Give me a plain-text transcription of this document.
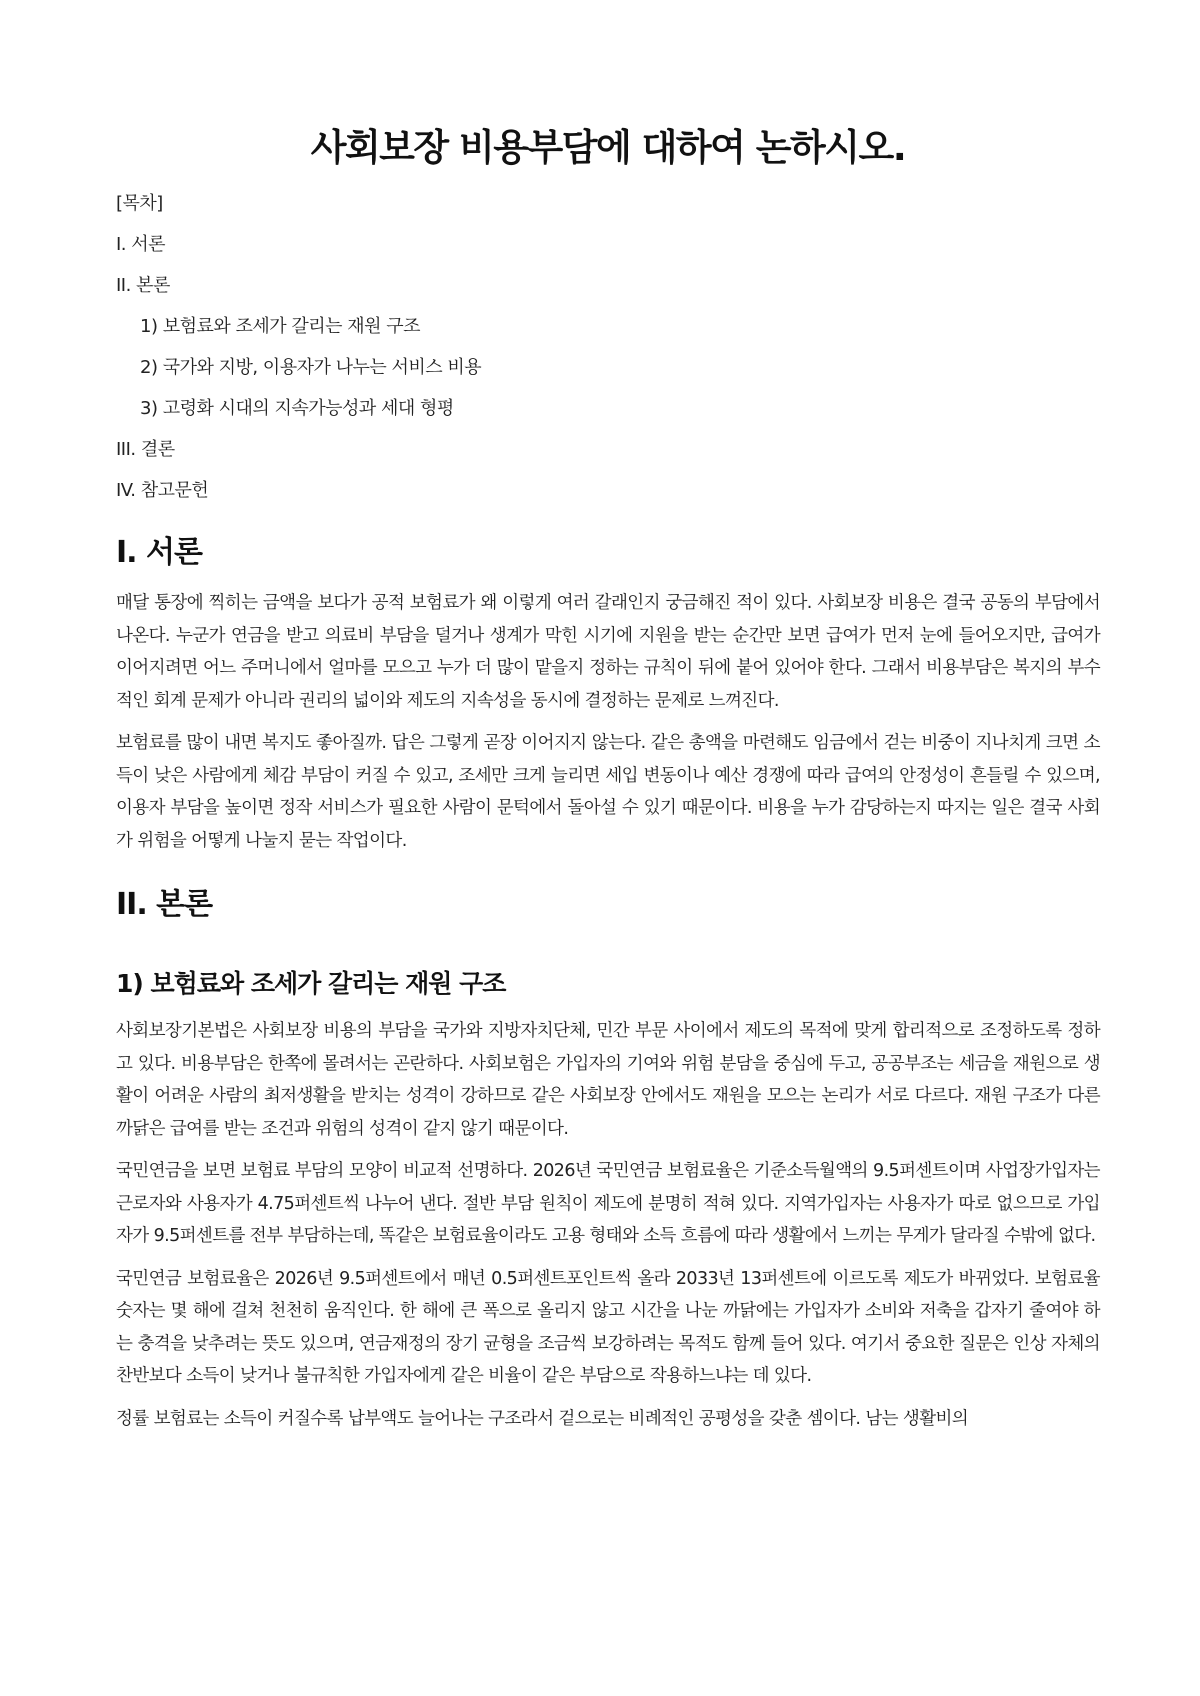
사회보장 비용부담에 대하여 논하시오.
[목차]
I. 서론
II. 본론
1) 보험료와 조세가 갈리는 재원 구조
2) 국가와 지방, 이용자가 나누는 서비스 비용
3) 고령화 시대의 지속가능성과 세대 형평
III. 결론
IV. 참고문헌
I. 서론

매달 통장에 찍히는 금액을 보다가 공적 보험료가 왜 이렇게 여러 갈래인지 궁금해진 적이 있다. 사회보장 비용은 결국 공동의 부담에서 나온다. 누군가 연금을 받고 의료비 부담을 덜거나 생계가 막힌 시기에 지원을 받는 순간만 보면 급여가 먼저 눈에 들어오지만, 급여가 이어지려면 어느 주머니에서 얼마를 모으고 누가 더 많이 맡을지 정하는 규칙이 뒤에 붙어 있어야 한다. 그래서 비용부담은 복지의 부수적인 회계 문제가 아니라 권리의 넓이와 제도의 지속성을 동시에 결정하는 문제로 느껴진다.

보험료를 많이 내면 복지도 좋아질까. 답은 그렇게 곧장 이어지지 않는다. 같은 총액을 마련해도 임금에서 걷는 비중이 지나치게 크면 소득이 낮은 사람에게 체감 부담이 커질 수 있고, 조세만 크게 늘리면 세입 변동이나 예산 경쟁에 따라 급여의 안정성이 흔들릴 수 있으며, 이용자 부담을 높이면 정작 서비스가 필요한 사람이 문턱에서 돌아설 수 있기 때문이다. 비용을 누가 감당하는지 따지는 일은 결국 사회가 위험을 어떻게 나눌지 묻는 작업이다.

II. 본론
1) 보험료와 조세가 갈리는 재원 구조

사회보장기본법은 사회보장 비용의 부담을 국가와 지방자치단체, 민간 부문 사이에서 제도의 목적에 맞게 합리적으로 조정하도록 정하고 있다. 비용부담은 한쪽에 몰려서는 곤란하다. 사회보험은 가입자의 기여와 위험 분담을 중심에 두고, 공공부조는 세금을 재원으로 생활이 어려운 사람의 최저생활을 받치는 성격이 강하므로 같은 사회보장 안에서도 재원을 모으는 논리가 서로 다르다. 재원 구조가 다른 까닭은 급여를 받는 조건과 위험의 성격이 같지 않기 때문이다.

국민연금을 보면 보험료 부담의 모양이 비교적 선명하다. 2026년 국민연금 보험료율은 기준소득월액의 9.5퍼센트이며 사업장가입자는 근로자와 사용자가 4.75퍼센트씩 나누어 낸다. 절반 부담 원칙이 제도에 분명히 적혀 있다. 지역가입자는 사용자가 따로 없으므로 가입자가 9.5퍼센트를 전부 부담하는데, 똑같은 보험료율이라도 고용 형태와 소득 흐름에 따라 생활에서 느끼는 무게가 달라질 수밖에 없다.

국민연금 보험료율은 2026년 9.5퍼센트에서 매년 0.5퍼센트포인트씩 올라 2033년 13퍼센트에 이르도록 제도가 바뀌었다. 보험료율 숫자는 몇 해에 걸쳐 천천히 움직인다. 한 해에 큰 폭으로 올리지 않고 시간을 나눈 까닭에는 가입자가 소비와 저축을 갑자기 줄여야 하는 충격을 낮추려는 뜻도 있으며, 연금재정의 장기 균형을 조금씩 보강하려는 목적도 함께 들어 있다. 여기서 중요한 질문은 인상 자체의 찬반보다 소득이 낮거나 불규칙한 가입자에게 같은 비율이 같은 부담으로 작용하느냐는 데 있다.

정률 보험료는 소득이 커질수록 납부액도 늘어나는 구조라서 겉으로는 비례적인 공평성을 갖춘 셈이다. 남는 생활비의
